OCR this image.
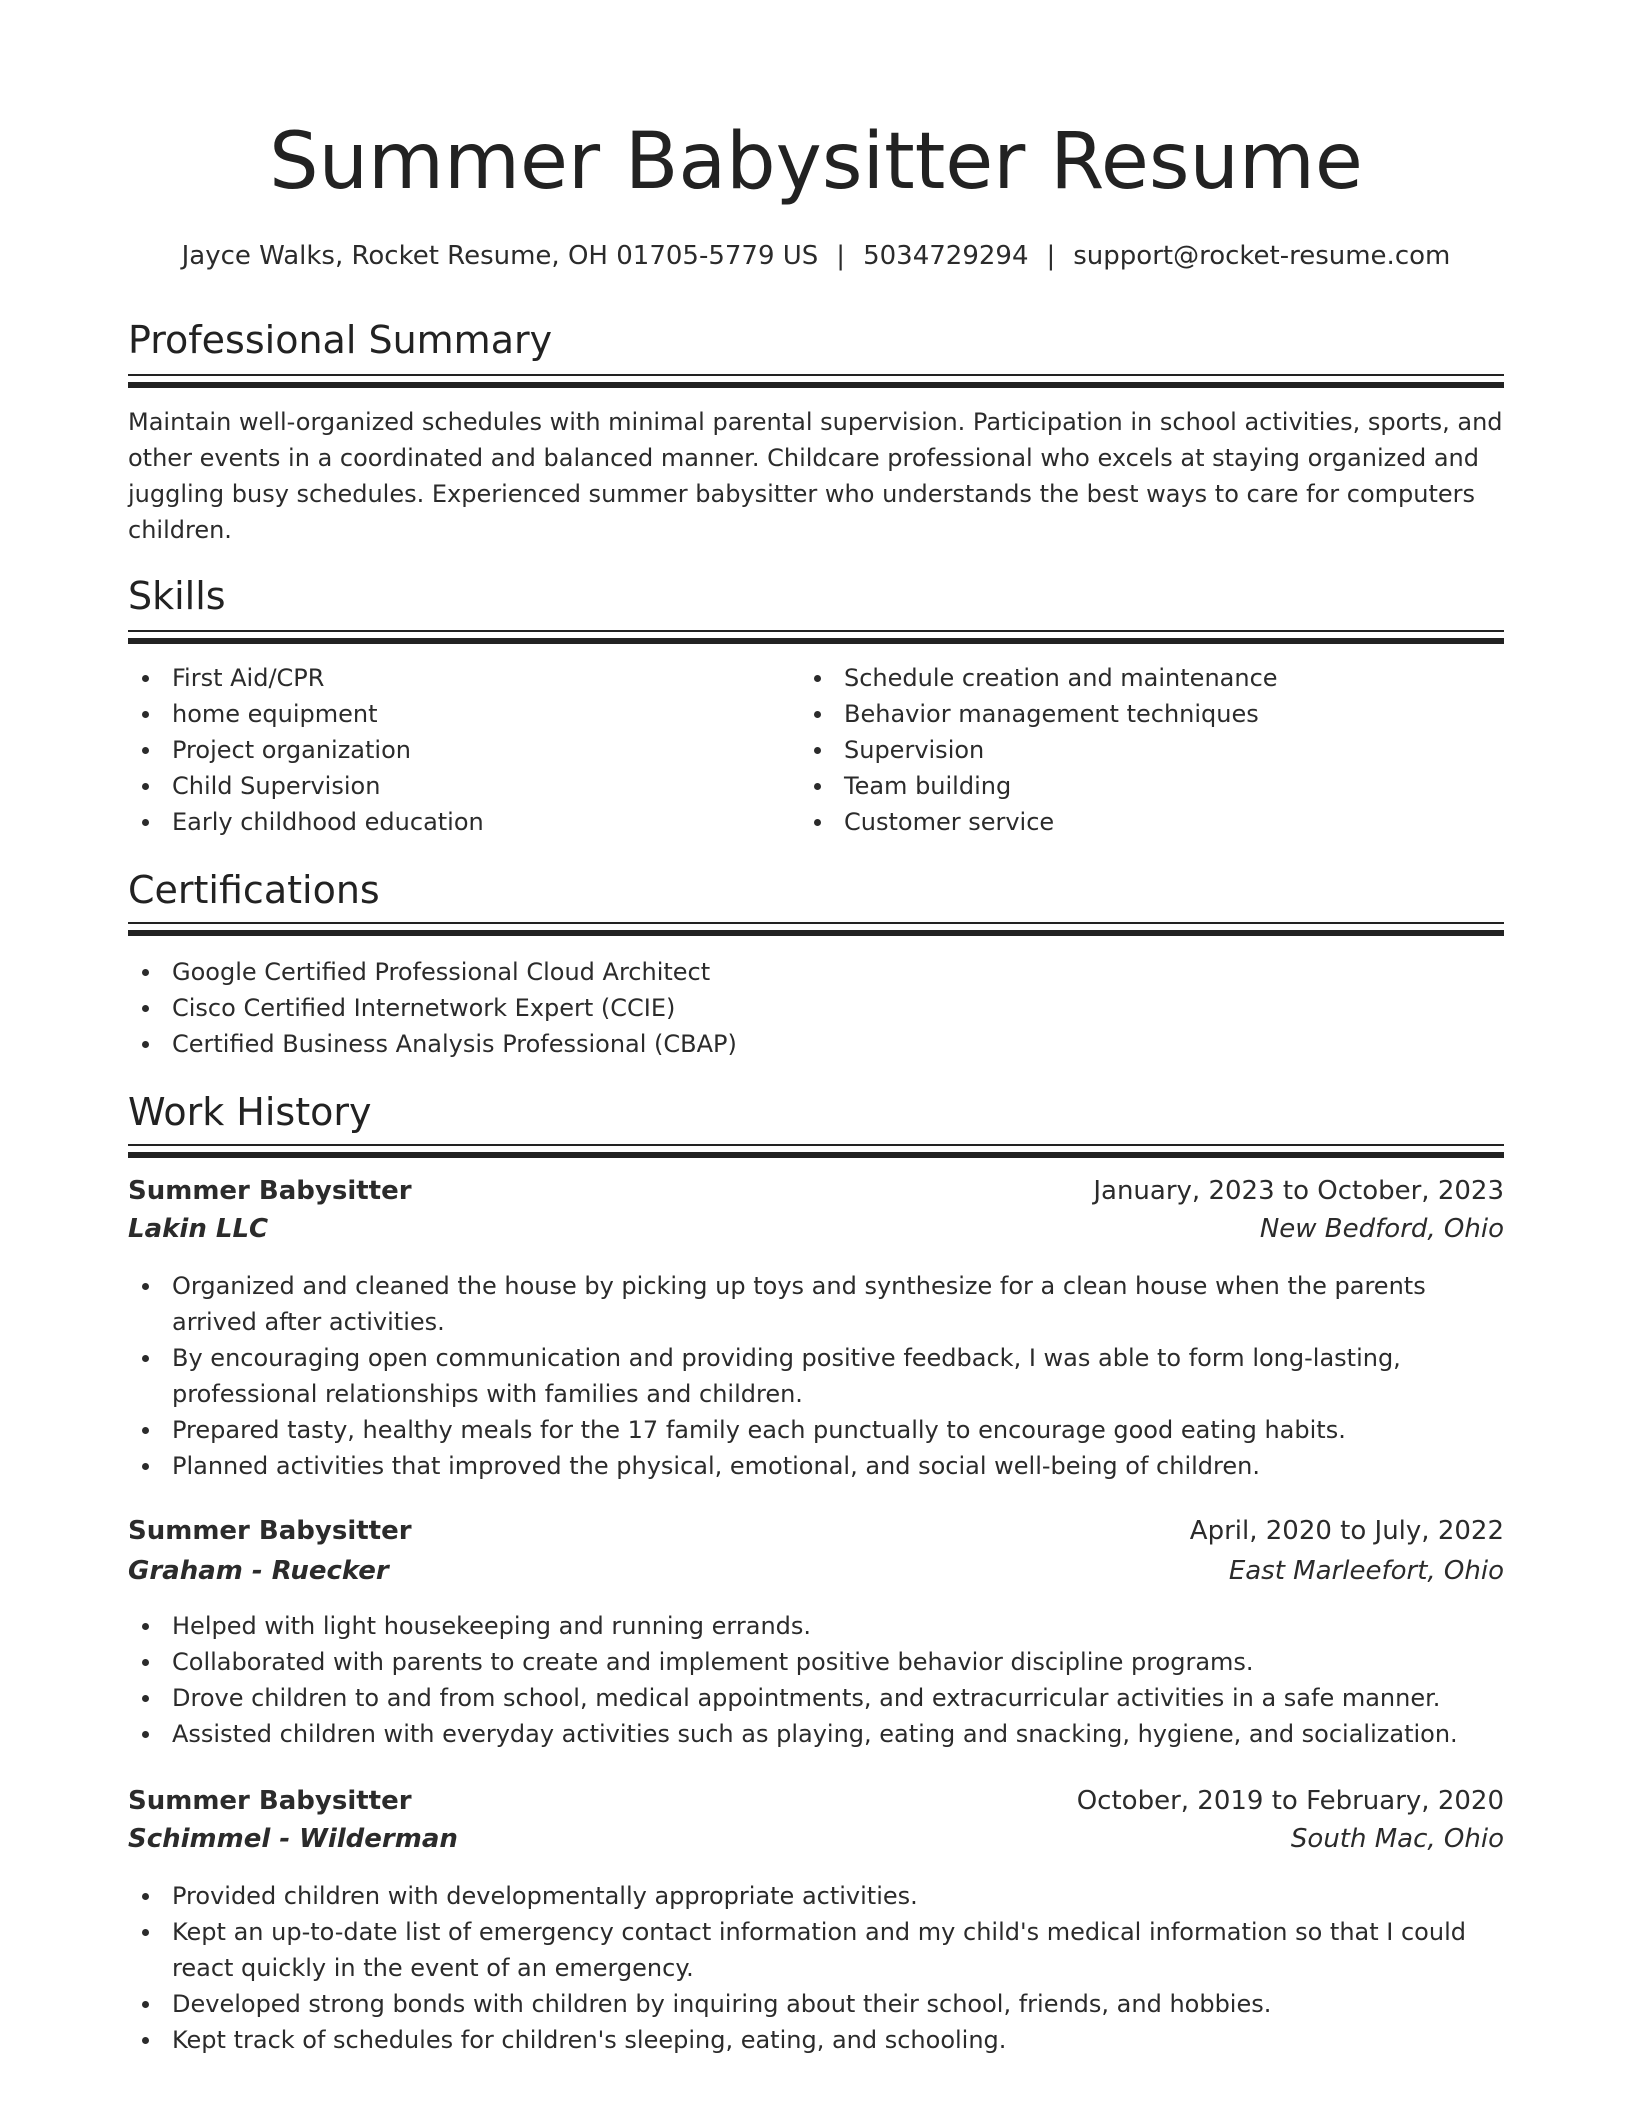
Summer Babysitter Resume
Jayce Walks, Rocket Resume, OH 01705-5779 US | 5034729294 | support@rocket-resume.com
Professional Summary

Maintain well-organized schedules with minimal parental supervision. Participation in school activities, sports, and other events in a coordinated and balanced manner. Childcare professional who excels at staying organized and juggling busy schedules. Experienced summer babysitter who understands the best ways to care for computers children.

Skills
First Aid/CPR
home equipment
Project organization
Child Supervision
Early childhood education
Schedule creation and maintenance
Behavior management techniques
Supervision
Team building
Customer service
Certifications
Google Certified Professional Cloud Architect
Cisco Certified Internetwork Expert (CCIE)
Certified Business Analysis Professional (CBAP)
Work History
Summer Babysitter	January, 2023 to October, 2023
Lakin LLC	New Bedford, Ohio
Organized and cleaned the house by picking up toys and synthesize for a clean house when the parents arrived after activities.
By encouraging open communication and providing positive feedback, I was able to form long-lasting, professional relationships with families and children.
Prepared tasty, healthy meals for the 17 family each punctually to encourage good eating habits.
Planned activities that improved the physical, emotional, and social well-being of children.
Summer Babysitter	April, 2020 to July, 2022
Graham - Ruecker	East Marleefort, Ohio
Helped with light housekeeping and running errands.
Collaborated with parents to create and implement positive behavior discipline programs.
Drove children to and from school, medical appointments, and extracurricular activities in a safe manner.
Assisted children with everyday activities such as playing, eating and snacking, hygiene, and socialization.
Summer Babysitter	October, 2019 to February, 2020
Schimmel - Wilderman	South Mac, Ohio
Provided children with developmentally appropriate activities.
Kept an up-to-date list of emergency contact information and my child's medical information so that I could react quickly in the event of an emergency.
Developed strong bonds with children by inquiring about their school, friends, and hobbies.
Kept track of schedules for children's sleeping, eating, and schooling.
